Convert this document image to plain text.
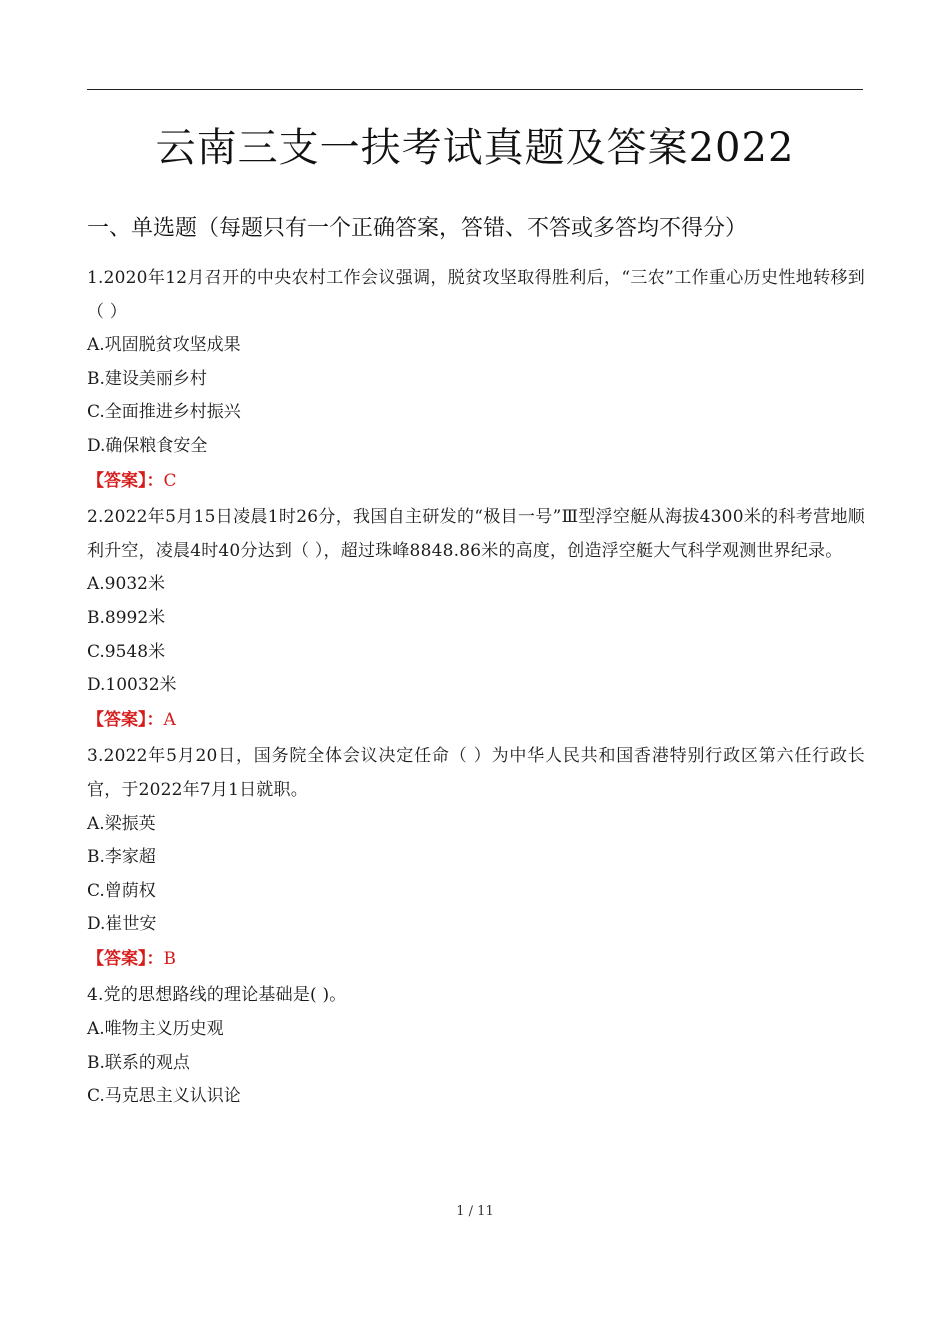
云南三支一扶考试真题及答案2022
一、单选题（每题只有一个正确答案，答错、不答或多答均不得分）

1.2020年12月召开的中央农村工作会议强调，脱贫攻坚取得胜利后，“三农”工作重心历史性地转移到（ ）

A.巩固脱贫攻坚成果

B.建设美丽乡村

C.全面推进乡村振兴

D.确保粮食安全

【答案】：C

2.2022年5月15日凌晨1时26分，我国自主研发的“极目一号”Ⅲ型浮空艇从海拔4300米的科考营地顺利升空，凌晨4时40分达到（ ），超过珠峰8848.86米的高度，创造浮空艇大气科学观测世界纪录。

A.9032米

B.8992米

C.9548米

D.10032米

【答案】：A

3.2022年5月20日，国务院全体会议决定任命（ ）为中华人民共和国香港特别行政区第六任行政长官，于2022年7月1日就职。

A.梁振英

B.李家超

C.曾荫权

D.崔世安

【答案】：B

4.党的思想路线的理论基础是( )。

A.唯物主义历史观

B.联系的观点

C.马克思主义认识论

1 / 11
